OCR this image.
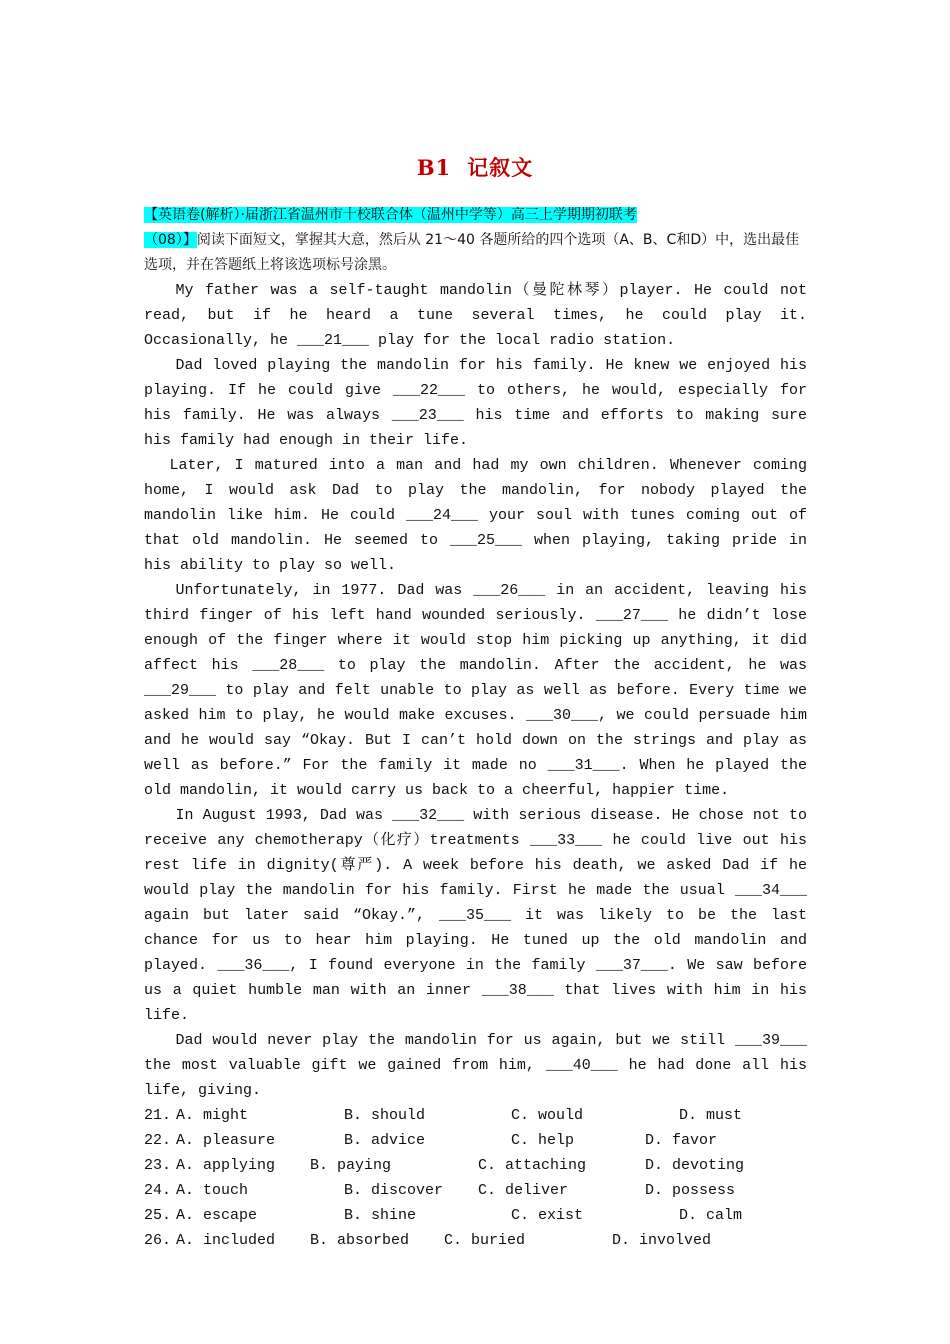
B1 记叙文

【英语卷(解析）·届浙江省温州市十校联合体（温州中学等）高三上学期期初联考
（08）】阅读下面短文，掌握其大意，然后从 21～40 各题所给的四个选项（A、B、C和D）中，选出最佳选项，并在答题纸上将该选项标号涂黑。

My father was a self-taught mandolin（曼陀林琴）player. He could not read, but if he heard a tune several times, he could play it. Occasionally, he ___21___ play for the local radio station.

Dad loved playing the mandolin for his family. He knew we enjoyed his playing. If he could give ___22___ to others, he would, especially for his family. He was always ___23___ his time and efforts to making sure his family had enough in their life.

Later, I matured into a man and had my own children. Whenever coming home, I would ask Dad to play the mandolin, for nobody played the mandolin like him. He could ___24___ your soul with tunes coming out of that old mandolin. He seemed to ___25___ when playing, taking pride in his ability to play so well.

Unfortunately, in 1977. Dad was ___26___ in an accident, leaving his third finger of his left hand wounded seriously. ___27___ he didn’t lose enough of the finger where it would stop him picking up anything, it did affect his ___28___ to play the mandolin. After the accident, he was ___29___ to play and felt unable to play as well as before. Every time we asked him to play, he would make excuses. ___30___, we could persuade him and he would say “Okay. But I can’t hold down on the strings and play as well as before.” For the family it made no ___31___. When he played the old mandolin, it would carry us back to a cheerful, happier time.

In August 1993, Dad was ___32___ with serious disease. He chose not to receive any chemotherapy（化疗）treatments ___33___ he could live out his rest life in dignity(尊严). A week before his death, we asked Dad if he would play the mandolin for his family. First he made the usual ___34___ again but later said “Okay.”, ___35___ it was likely to be the last chance for us to hear him playing. He tuned up the old mandolin and played. ___36___, I found everyone in the family ___37___. We saw before us a quiet humble man with an inner ___38___ that lives with him in his life.

Dad would never play the mandolin for us again, but we still ___39___ the most valuable gift we gained from him, ___40___ he had done all his life, giving.

21. A. might	B. should	C. would	D. must
22. A. pleasure	B. advice	C. help	D. favor
23. A. applying B. paying	C. attaching	D. devoting
24. A. touch	B. discover C. deliver	D. possess
25. A. escape	B. shine	C. exist	D. calm
26. A. included B. absorbed C. buried	D. involved
